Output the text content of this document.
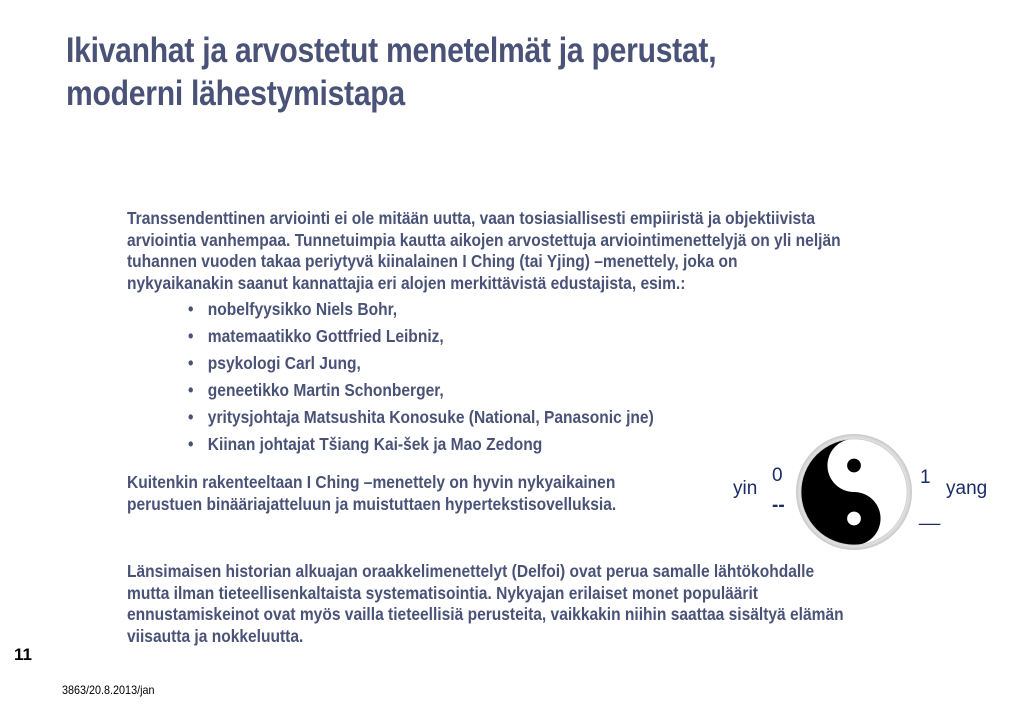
Ikivanhat ja arvostetut menetelmät ja perustat,
moderni lähestymistapa
Transsendenttinen arviointi ei ole mitään uutta, vaan tosiasiallisesti empiiristä ja objektiivista
arviointia vanhempaa. Tunnetuimpia kautta aikojen arvostettuja arviointimenettelyjä on yli neljän
tuhannen vuoden takaa periytyvä kiinalainen I Ching (tai Yjing) –menettely, joka on
nykyaikanakin saanut kannattajia eri alojen merkittävistä edustajista, esim.:
• nobelfyysikko Niels Bohr,
• matemaatikko Gottfried Leibniz,
• psykologi Carl Jung,
• geneetikko Martin Schonberger,
• yritysjohtaja Matsushita Konosuke (National, Panasonic jne)
• Kiinan johtajat Tšiang Kai-šek ja Mao Zedong
Kuitenkin rakenteeltaan I Ching –menettely on hyvin nykyaikainen
perustuen binääriajatteluun ja muistuttaen hypertekstisovelluksia.
yin
0
--
1
__
yang
Länsimaisen historian alkuajan oraakkelimenettelyt (Delfoi) ovat perua samalle lähtökohdalle
mutta ilman tieteellisenkaltaista systematisointia. Nykyajan erilaiset monet populäärit
ennustamiskeinot ovat myös vailla tieteellisiä perusteita, vaikkakin niihin saattaa sisältyä elämän
viisautta ja nokkeluutta.
11
3863/20.8.2013/jan
